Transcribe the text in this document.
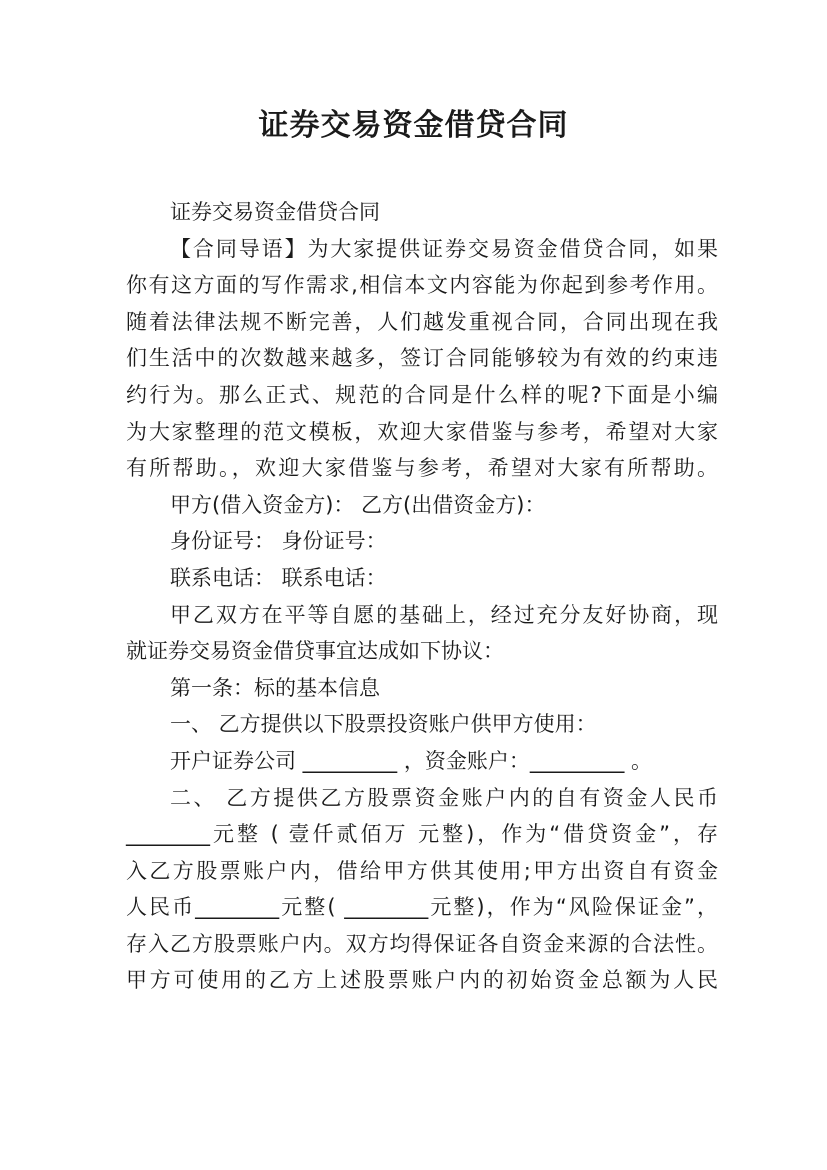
证券交易资金借贷合同
证券交易资金借贷合同
【合同导语】为大家提供证券交易资金借贷合同，如果
你有这方面的写作需求,相信本文内容能为你起到参考作用。
随着法律法规不断完善，人们越发重视合同，合同出现在我
们生活中的次数越来越多，签订合同能够较为有效的约束违
约行为。那么正式、规范的合同是什么样的呢?下面是小编
为大家整理的范文模板，欢迎大家借鉴与参考，希望对大家
有所帮助。，欢迎大家借鉴与参考，希望对大家有所帮助。
甲方(借入资金方)： 乙方(出借资金方)：
身份证号： 身份证号：
联系电话： 联系电话：
甲乙双方在平等自愿的基础上，经过充分友好协商，现
就证券交易资金借贷事宜达成如下协议：
第一条：标的基本信息
一、 乙方提供以下股票投资账户供甲方使用：
开户证券公司 _________ ，资金账户：_________ 。
二、 乙方提供乙方股票资金账户内的自有资金人民币
________元整 ( 壹仟贰佰万 元整)，作为“借贷资金”，存
入乙方股票账户内，借给甲方供其使用;甲方出资自有资金
人民币________元整( ________元整)，作为“风险保证金”，
存入乙方股票账户内。双方均得保证各自资金来源的合法性。
甲方可使用的乙方上述股票账户内的初始资金总额为人民
